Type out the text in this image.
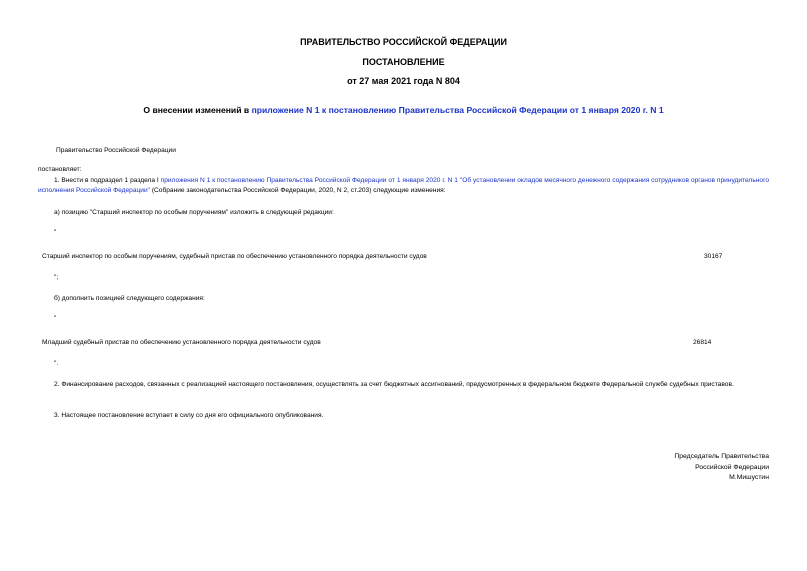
ПРАВИТЕЛЬСТВО РОССИЙСКОЙ ФЕДЕРАЦИИ
ПОСТАНОВЛЕНИЕ
от 27 мая 2021 года N 804
О внесении изменений в приложение N 1 к постановлению Правительства Российской Федерации от 1 января 2020 г. N 1
Правительство Российской Федерации
постановляет:
1. Внести в подраздел 1 раздела I приложения N 1 к постановлению Правительства Российской Федерации от 1 января 2020 г. N 1 "Об установлении окладов месячного денежного содержания сотрудников органов принудительного исполнения Российской Федерации" (Собрание законодательства Российской Федерации, 2020, N 2, ст.203) следующие изменения:
а) позицию "Старший инспектор по особым поручениям" изложить в следующей редакции:
"
Старший инспектор по особым поручениям, судебный пристав по обеспечению установленного порядка деятельности судов	30167
";
б) дополнить позицией следующего содержания:
"
Младший судебный пристав по обеспечению установленного порядка деятельности судов	26814
".
2. Финансирование расходов, связанных с реализацией настоящего постановления, осуществлять за счет бюджетных ассигнований, предусмотренных в федеральном бюджете Федеральной службе судебных приставов.
3. Настоящее постановление вступает в силу со дня его официального опубликования.
Председатель Правительства
Российской Федерации
М.Мишустин
